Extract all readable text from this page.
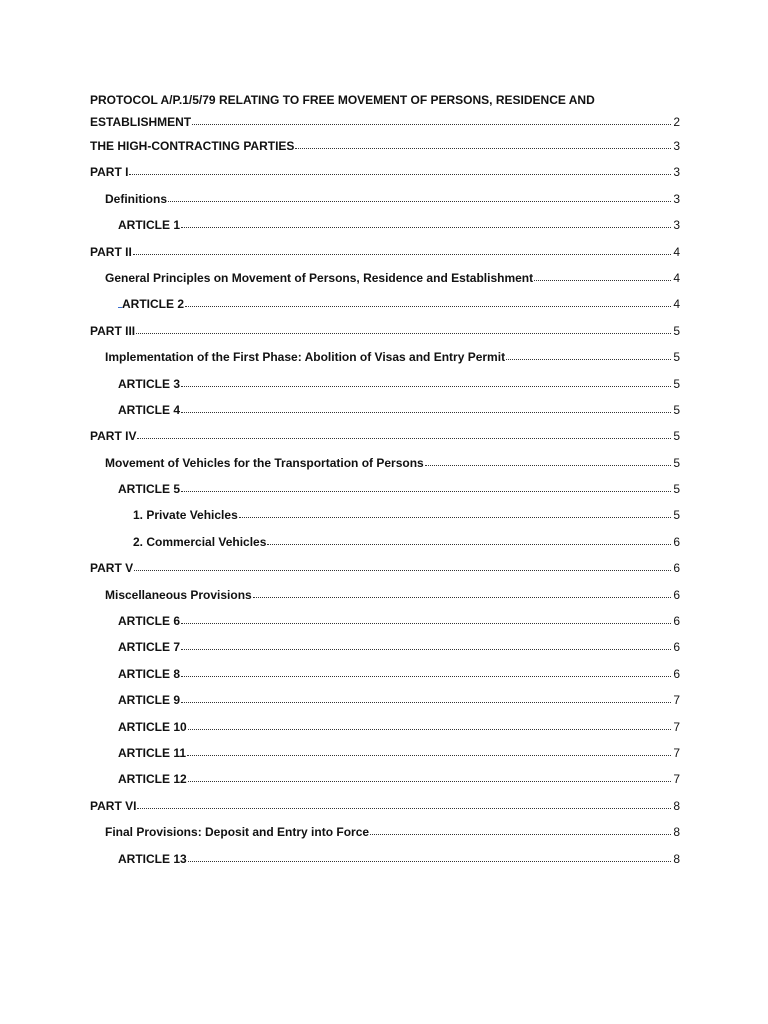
PROTOCOL A/P.1/5/79 RELATING TO FREE MOVEMENT OF PERSONS, RESIDENCE AND
ESTABLISHMENT	2
THE HIGH-CONTRACTING PARTIES	3
PART I	3
Definitions	3
ARTICLE 1	3
PART II	4
General Principles on Movement of Persons, Residence and Establishment	4
ARTICLE 2	4
PART III	5
Implementation of the First Phase: Abolition of Visas and Entry Permit	5
ARTICLE 3	5
ARTICLE 4	5
PART IV	5
Movement of Vehicles for the Transportation of Persons	5
ARTICLE 5	5
1. Private Vehicles	5
2. Commercial Vehicles	6
PART V	6
Miscellaneous Provisions	6
ARTICLE 6	6
ARTICLE 7	6
ARTICLE 8	6
ARTICLE 9	7
ARTICLE 10	7
ARTICLE 11	7
ARTICLE 12	7
PART VI	8
Final Provisions: Deposit and Entry into Force	8
ARTICLE 13	8
